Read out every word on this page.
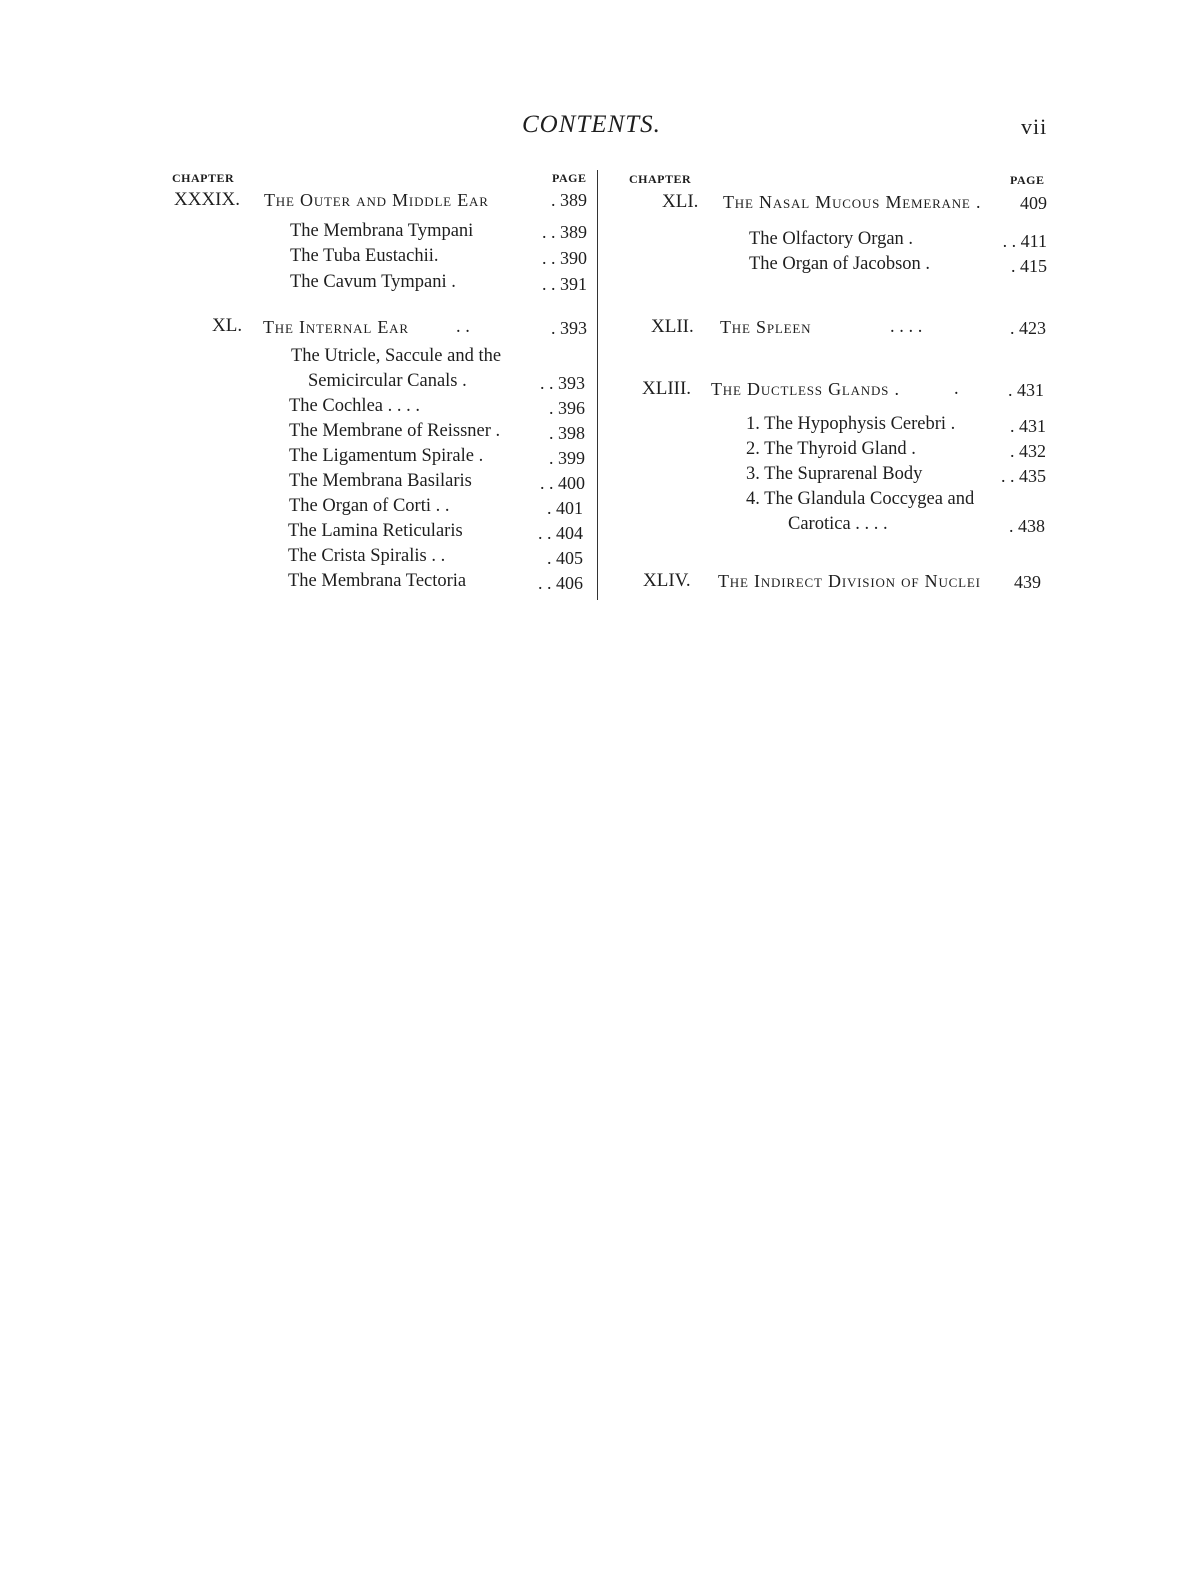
CONTENTS.	vii
CHAPTER	PAGE
XXXIX. The Outer and Middle Ear	. 389
The Membrana Tympani	. . 389
The Tuba Eustachii.	. . 390
The Cavum Tympani .	. . 391
XL. The Internal Ear	. .	. 393
The Utricle, Saccule and the
Semicircular Canals .	. . 393
The Cochlea . . . .	. 396
The Membrane of Reissner .	. 398
The Ligamentum Spirale .	. 399
The Membrana Basilaris	. . 400
The Organ of Corti . .	. 401
The Lamina Reticularis	. . 404
The Crista Spiralis . .	. 405
The Membrana Tectoria	. . 406
CHAPTER	PAGE
XLI. The Nasal Mucous Memerane .	409
The Olfactory Organ .	. . 411
The Organ of Jacobson .	. 415
XLII. The Spleen	. . . .	. 423
XLIII. The Ductless Glands .	.	. 431
1. The Hypophysis Cerebri .	. 431
2. The Thyroid Gland .	. 432
3. The Suprarenal Body	. . 435
4. The Glandula Coccygea and
Carotica . . . .	. 438
XLIV. The Indirect Division of Nuclei	439
